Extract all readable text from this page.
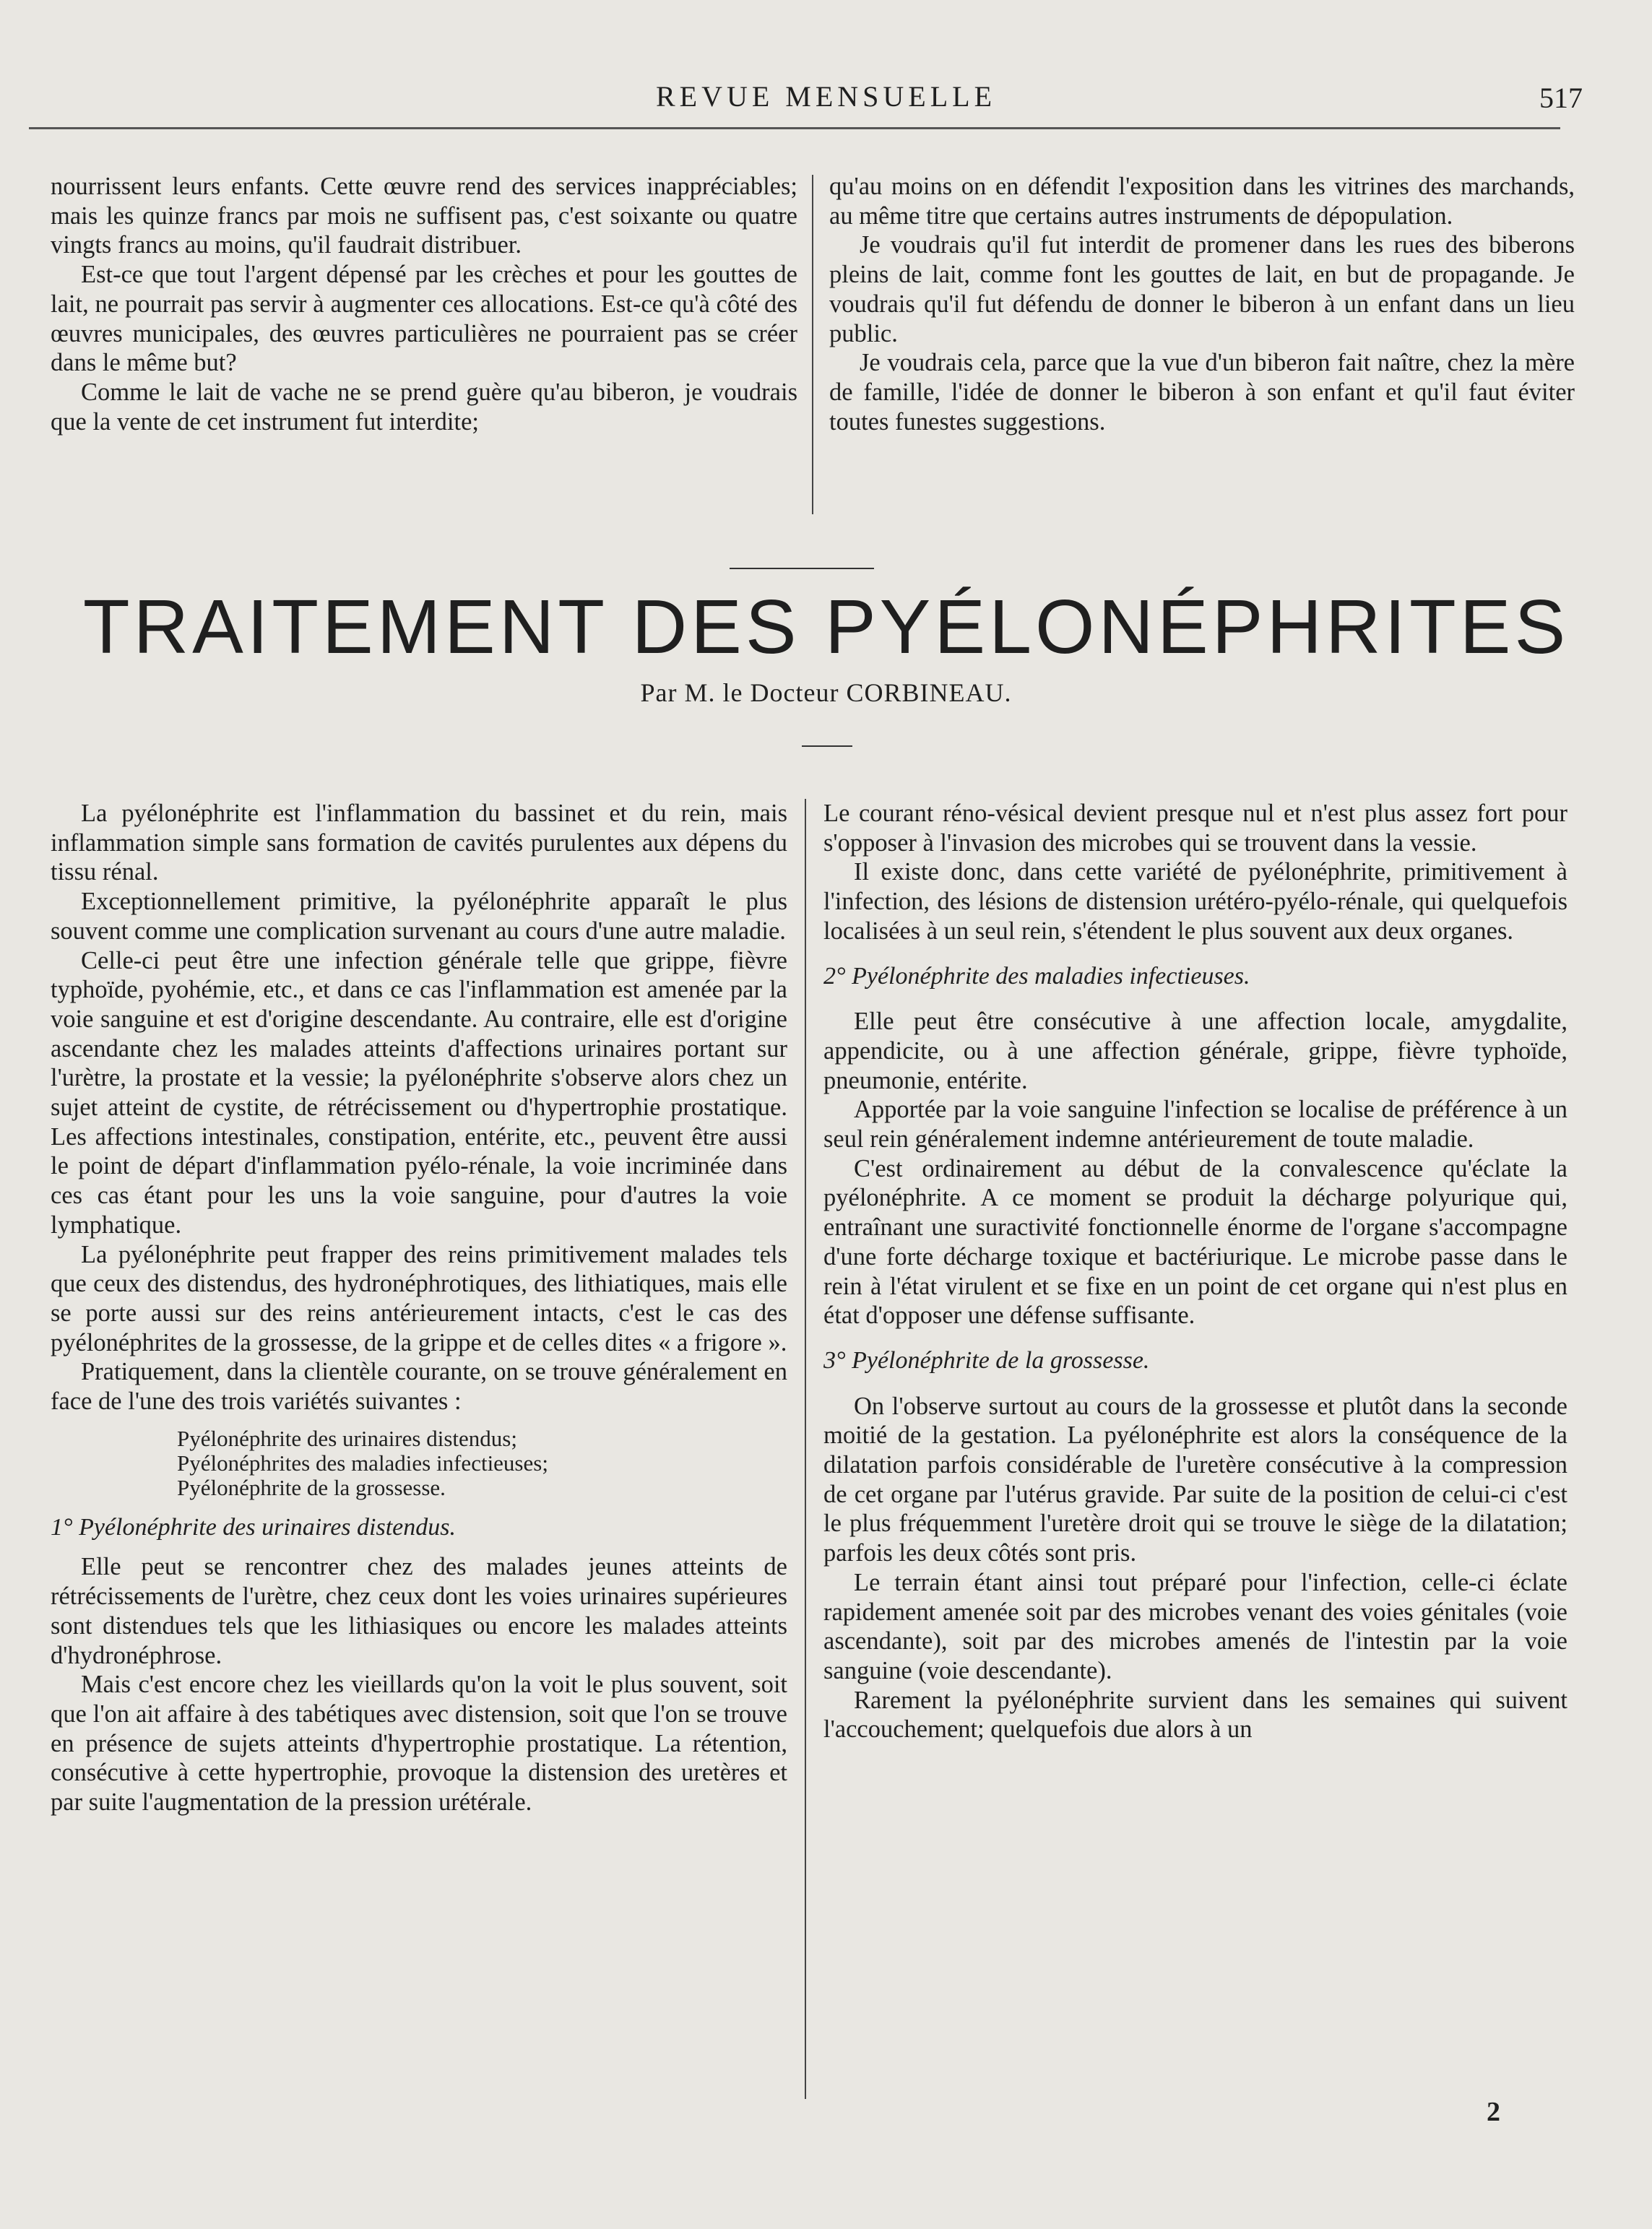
REVUE MENSUELLE	517

nourrissent leurs enfants. Cette œuvre rend des services inappréciables; mais les quinze francs par mois ne suffisent pas, c'est soixante ou quatre vingts francs au moins, qu'il faudrait distribuer.

Est-ce que tout l'argent dépensé par les crèches et pour les gouttes de lait, ne pourrait pas servir à augmenter ces allocations. Est-ce qu'à côté des œuvres municipales, des œuvres particulières ne pourraient pas se créer dans le même but?

Comme le lait de vache ne se prend guère qu'au biberon, je voudrais que la vente de cet instrument fut interdite;

qu'au moins on en défendit l'exposition dans les vitrines des marchands, au même titre que certains autres instruments de dépopulation.

Je voudrais qu'il fut interdit de promener dans les rues des biberons pleins de lait, comme font les gouttes de lait, en but de propagande. Je voudrais qu'il fut défendu de donner le biberon à un enfant dans un lieu public.

Je voudrais cela, parce que la vue d'un biberon fait naître, chez la mère de famille, l'idée de donner le biberon à son enfant et qu'il faut éviter toutes funestes suggestions.

TRAITEMENT DES PYÉLONÉPHRITES
Par M. le Docteur CORBINEAU.

La pyélonéphrite est l'inflammation du bassinet et du rein, mais inflammation simple sans formation de cavités purulentes aux dépens du tissu rénal.

Exceptionnellement primitive, la pyélonéphrite apparaît le plus souvent comme une complication survenant au cours d'une autre maladie.

Celle-ci peut être une infection générale telle que grippe, fièvre typhoïde, pyohémie, etc., et dans ce cas l'inflammation est amenée par la voie sanguine et est d'origine descendante. Au contraire, elle est d'origine ascendante chez les malades atteints d'affections urinaires portant sur l'urètre, la prostate et la vessie; la pyélonéphrite s'observe alors chez un sujet atteint de cystite, de rétrécissement ou d'hypertrophie prostatique. Les affections intestinales, constipation, entérite, etc., peuvent être aussi le point de départ d'inflammation pyélo-rénale, la voie incriminée dans ces cas étant pour les uns la voie sanguine, pour d'autres la voie lymphatique.

La pyélonéphrite peut frapper des reins primitivement malades tels que ceux des distendus, des hydronéphrotiques, des lithiatiques, mais elle se porte aussi sur des reins antérieurement intacts, c'est le cas des pyélonéphrites de la grossesse, de la grippe et de celles dites « a frigore ».

Pratiquement, dans la clientèle courante, on se trouve généralement en face de l'une des trois variétés suivantes :

Pyélonéphrite des urinaires distendus;
Pyélonéphrites des maladies infectieuses;
Pyélonéphrite de la grossesse.
1° Pyélonéphrite des urinaires distendus.

Elle peut se rencontrer chez des malades jeunes atteints de rétrécissements de l'urètre, chez ceux dont les voies urinaires supérieures sont distendues tels que les lithiasiques ou encore les malades atteints d'hydronéphrose.

Mais c'est encore chez les vieillards qu'on la voit le plus souvent, soit que l'on ait affaire à des tabétiques avec distension, soit que l'on se trouve en présence de sujets atteints d'hypertrophie prostatique. La rétention, consécutive à cette hypertrophie, provoque la distension des uretères et par suite l'augmentation de la pression urétérale.

Le courant réno-vésical devient presque nul et n'est plus assez fort pour s'opposer à l'invasion des microbes qui se trouvent dans la vessie.

Il existe donc, dans cette variété de pyélonéphrite, primitivement à l'infection, des lésions de distension urétéro-pyélo-rénale, qui quelquefois localisées à un seul rein, s'étendent le plus souvent aux deux organes.

2° Pyélonéphrite des maladies infectieuses.

Elle peut être consécutive à une affection locale, amygdalite, appendicite, ou à une affection générale, grippe, fièvre typhoïde, pneumonie, entérite.

Apportée par la voie sanguine l'infection se localise de préférence à un seul rein généralement indemne antérieurement de toute maladie.

C'est ordinairement au début de la convalescence qu'éclate la pyélonéphrite. A ce moment se produit la décharge polyurique qui, entraînant une suractivité fonctionnelle énorme de l'organe s'accompagne d'une forte décharge toxique et bactériurique. Le microbe passe dans le rein à l'état virulent et se fixe en un point de cet organe qui n'est plus en état d'opposer une défense suffisante.

3° Pyélonéphrite de la grossesse.

On l'observe surtout au cours de la grossesse et plutôt dans la seconde moitié de la gestation. La pyélonéphrite est alors la conséquence de la dilatation parfois considérable de l'uretère consécutive à la compression de cet organe par l'utérus gravide. Par suite de la position de celui-ci c'est le plus fréquemment l'uretère droit qui se trouve le siège de la dilatation; parfois les deux côtés sont pris.

Le terrain étant ainsi tout préparé pour l'infection, celle-ci éclate rapidement amenée soit par des microbes venant des voies génitales (voie ascendante), soit par des microbes amenés de l'intestin par la voie sanguine (voie descendante).

Rarement la pyélonéphrite survient dans les semaines qui suivent l'accouchement; quelquefois due alors à un

2
